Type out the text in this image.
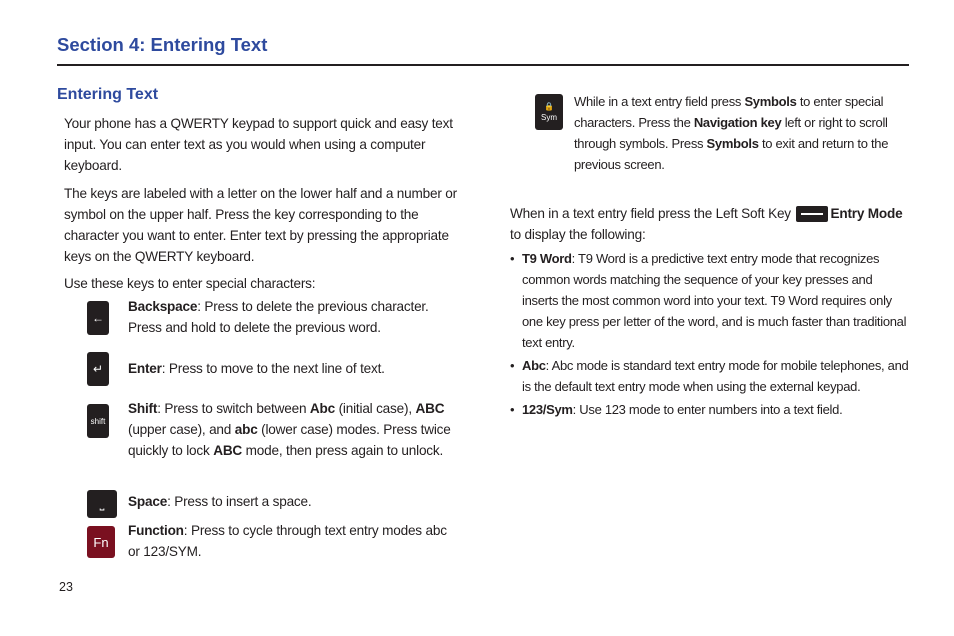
Section 4: Entering Text
Entering Text
Your phone has a QWERTY keypad to support quick and easy text input. You can enter text as you would when using a computer keyboard.
The keys are labeled with a letter on the lower half and a number or symbol on the upper half. Press the key corresponding to the character you want to enter. Enter text by pressing the appropriate keys on the QWERTY keyboard.
Use these keys to enter special characters:
←
Backspace: Press to delete the previous character. Press and hold to delete the previous word.
↵	Enter: Press to move to the next line of text.
shift
Shift: Press to switch between Abc (initial case), ABC (upper case), and abc (lower case) modes. Press twice quickly to lock ABC mode, then press again to unlock.
⎵	Space: Press to insert a space.
Fn
Function: Press to cycle through text entry modes abc or 123/SYM.
🔒
Sym
While in a text entry field press Symbols to enter special characters. Press the Navigation key left or right to scroll through symbols. Press Symbols to exit and return to the previous screen.
When in a text entry field press the Left Soft Key	Entry Mode to display the following:
• T9 Word: T9 Word is a predictive text entry mode that recognizes common words matching the sequence of your key presses and inserts the most common word into your text. T9 Word requires only one key press per letter of the word, and is much faster than traditional text entry.
• Abc: Abc mode is standard text entry mode for mobile telephones, and is the default text entry mode when using the external keypad.
• 123/Sym: Use 123 mode to enter numbers into a text field.
23
